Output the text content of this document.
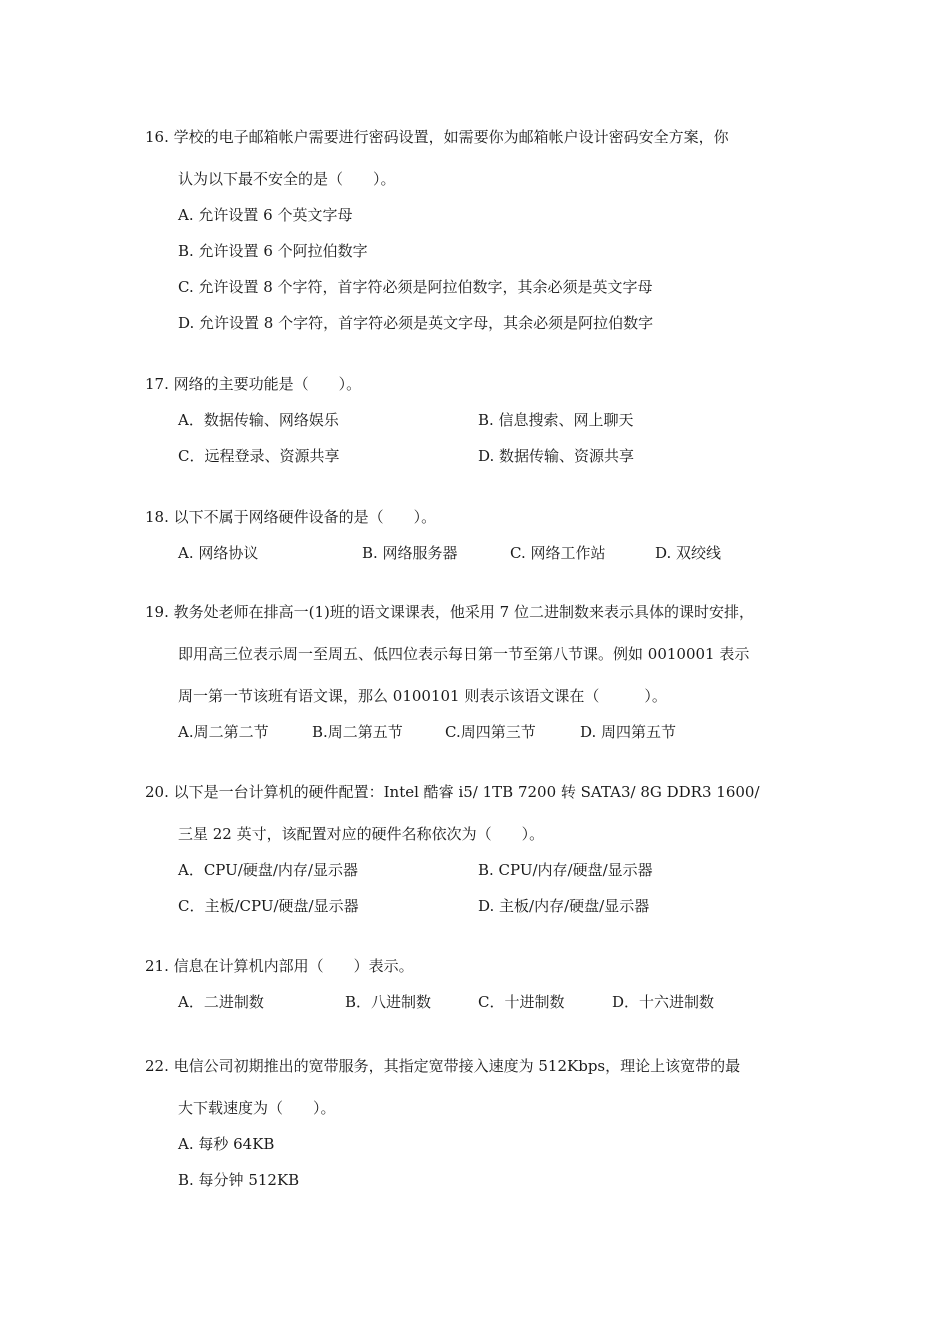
16. 学校的电子邮箱帐户需要进行密码设置，如需要你为邮箱帐户设计密码安全方案，你
认为以下最不安全的是（　　）。
A. 允许设置 6 个英文字母
B. 允许设置 6 个阿拉伯数字
C. 允许设置 8 个字符，首字符必须是阿拉伯数字，其余必须是英文字母
D. 允许设置 8 个字符，首字符必须是英文字母，其余必须是阿拉伯数字
17. 网络的主要功能是（　　）。
A．数据传输、网络娱乐	B. 信息搜索、网上聊天
C．远程登录、资源共享	D. 数据传输、资源共享
18. 以下不属于网络硬件设备的是（　　）。
A. 网络协议	B. 网络服务器	C. 网络工作站	D. 双绞线
19. 教务处老师在排高一(1)班的语文课课表，他采用 7 位二进制数来表示具体的课时安排，
即用高三位表示周一至周五、低四位表示每日第一节至第八节课。例如 0010001 表示
周一第一节该班有语文课，那么 0100101 则表示该语文课在（　　　）。
A.周二第二节	B.周二第五节	C.周四第三节	D. 周四第五节
20. 以下是一台计算机的硬件配置：Intel 酷睿 i5/ 1TB 7200 转 SATA3/ 8G DDR3 1600/
三星 22 英寸，该配置对应的硬件名称依次为（　　）。
A．CPU/硬盘/内存/显示器	B. CPU/内存/硬盘/显示器
C．主板/CPU/硬盘/显示器	D. 主板/内存/硬盘/显示器
21. 信息在计算机内部用（　　）表示。
A．二进制数	B．八进制数	C．十进制数	D．十六进制数
22. 电信公司初期推出的宽带服务，其指定宽带接入速度为 512Kbps，理论上该宽带的最
大下载速度为（　　）。
A. 每秒 64KB
B. 每分钟 512KB
